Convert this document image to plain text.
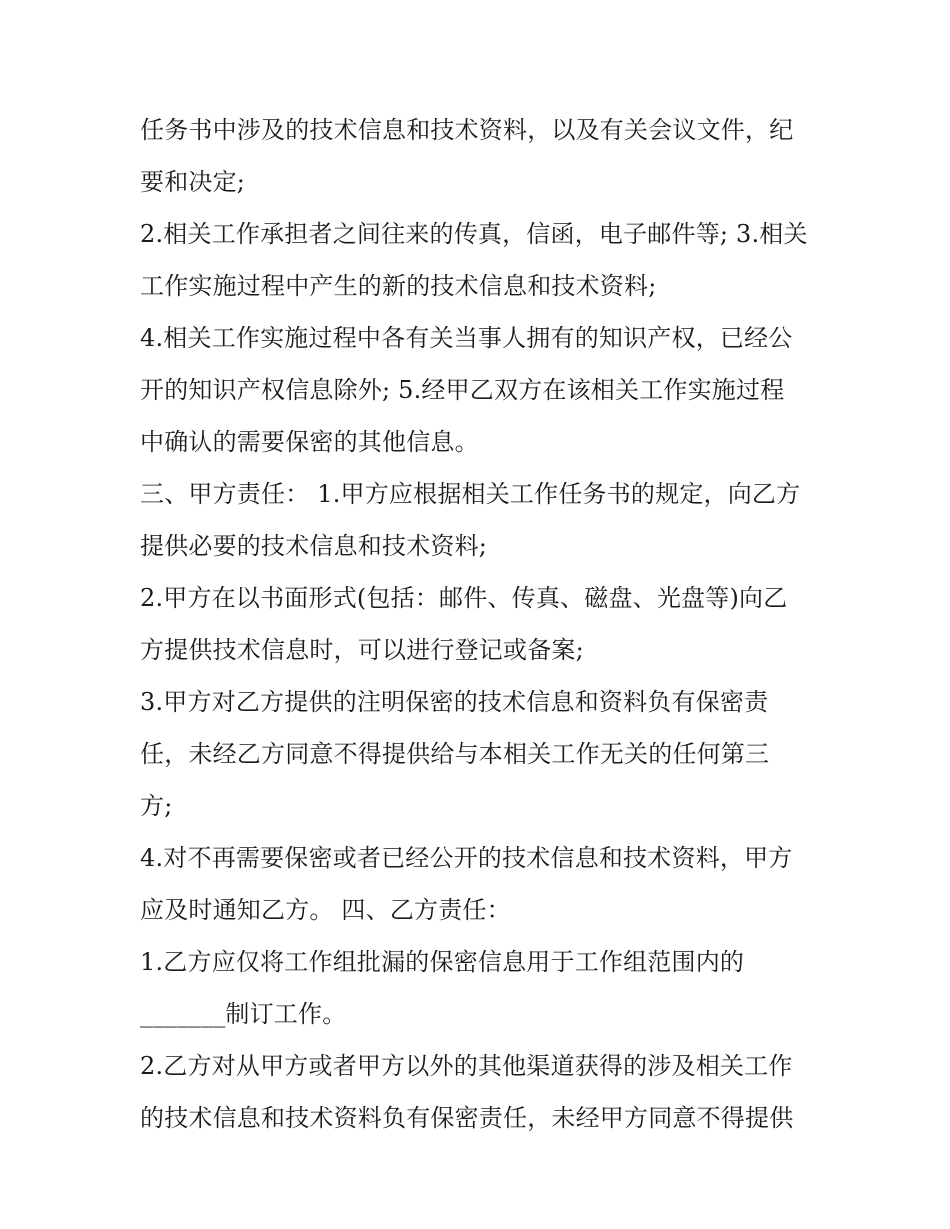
任务书中涉及的技术信息和技术资料，以及有关会议文件，纪
要和决定;
2.相关工作承担者之间往来的传真，信函，电子邮件等; 3.相关
工作实施过程中产生的新的技术信息和技术资料;
4.相关工作实施过程中各有关当事人拥有的知识产权，已经公
开的知识产权信息除外; 5.经甲乙双方在该相关工作实施过程
中确认的需要保密的其他信息。
三、甲方责任： 1.甲方应根据相关工作任务书的规定，向乙方
提供必要的技术信息和技术资料;
2.甲方在以书面形式(包括：邮件、传真、磁盘、光盘等)向乙
方提供技术信息时，可以进行登记或备案;
3.甲方对乙方提供的注明保密的技术信息和资料负有保密责
任，未经乙方同意不得提供给与本相关工作无关的任何第三
方;
4.对不再需要保密或者已经公开的技术信息和技术资料，甲方
应及时通知乙方。 四、乙方责任：
1.乙方应仅将工作组批漏的保密信息用于工作组范围内的
_______制订工作。
2.乙方对从甲方或者甲方以外的其他渠道获得的涉及相关工作
的技术信息和技术资料负有保密责任，未经甲方同意不得提供
